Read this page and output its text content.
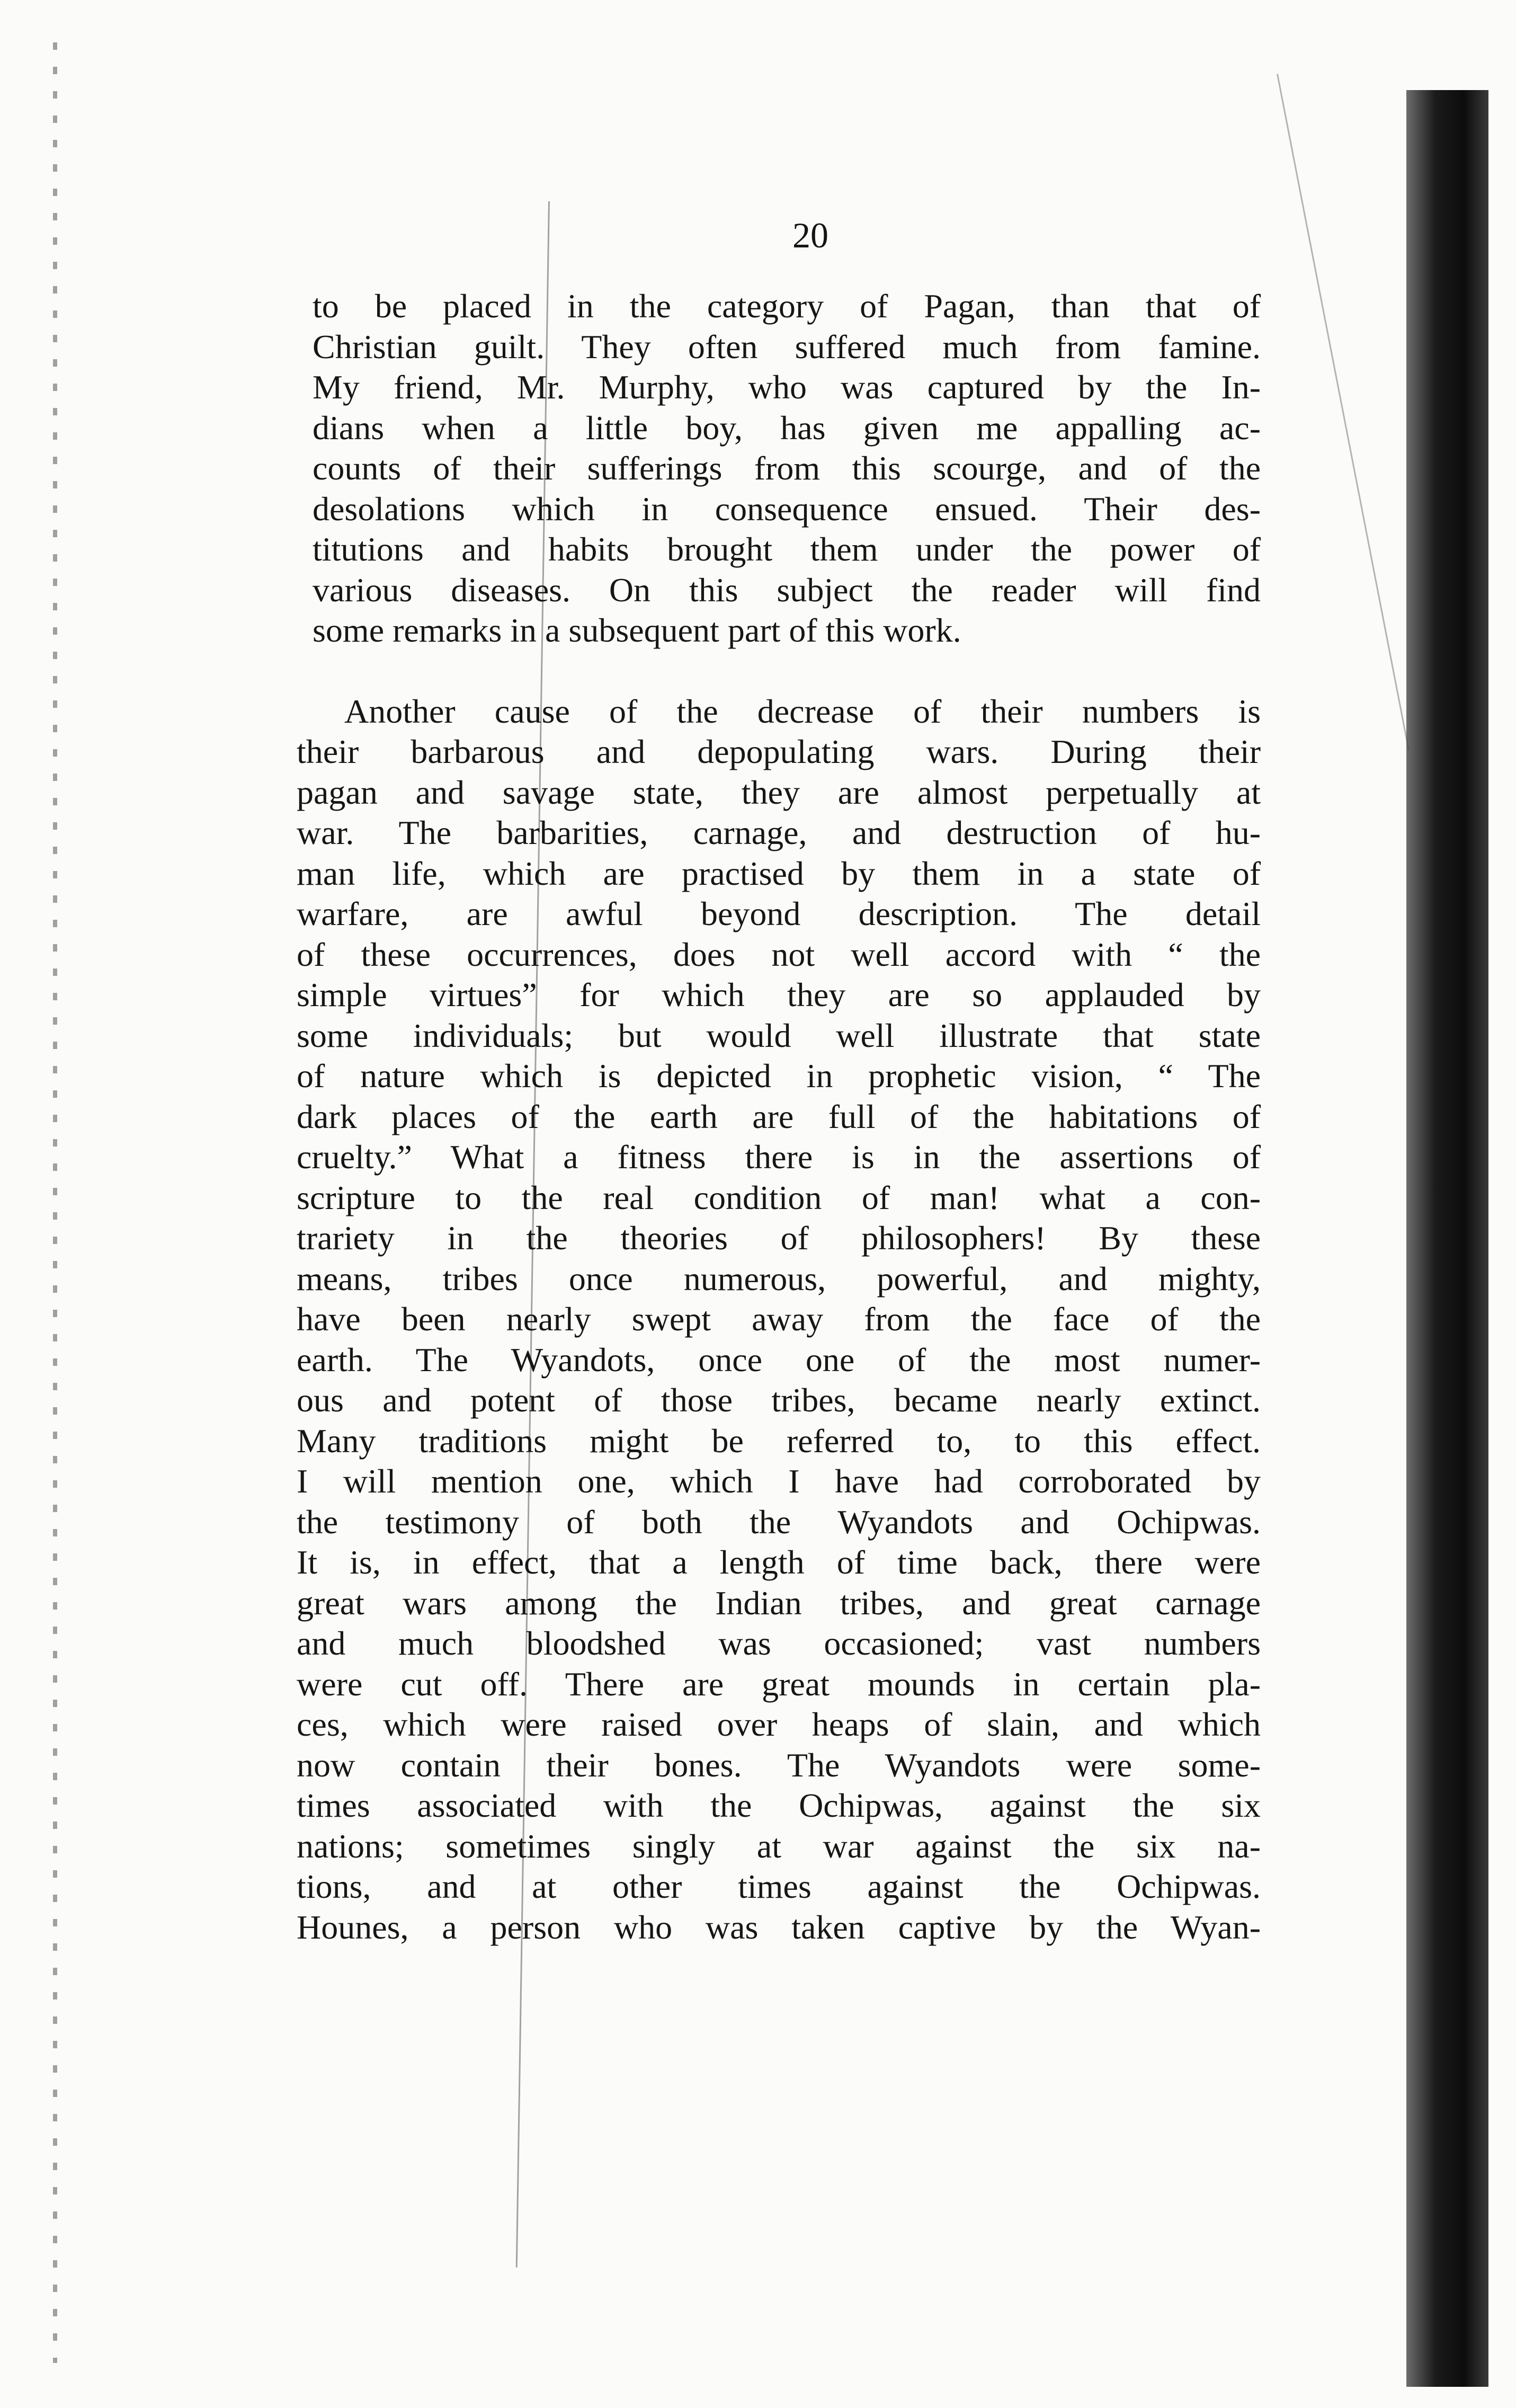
20
to be placed in the category of Pagan, than that of
Christian guilt. They often suffered much from famine.
My friend, Mr. Murphy, who was captured by the In-
dians when a little boy, has given me appalling ac-
counts of their sufferings from this scourge, and of the
desolations which in consequence ensued. Their des-
titutions and habits brought them under the power of
various diseases. On this subject the reader will find
some remarks in a subsequent part of this work.
Another cause of the decrease of their numbers is
their barbarous and depopulating wars. During their
pagan and savage state, they are almost perpetually at
war. The barbarities, carnage, and destruction of hu-
man life, which are practised by them in a state of
warfare, are awful beyond description. The detail
of these occurrences, does not well accord with “ the
simple virtues” for which they are so applauded by
some individuals; but would well illustrate that state
of nature which is depicted in prophetic vision, “ The
dark places of the earth are full of the habitations of
cruelty.” What a fitness there is in the assertions of
scripture to the real condition of man! what a con-
trariety in the theories of philosophers! By these
means, tribes once numerous, powerful, and mighty,
have been nearly swept away from the face of the
earth. The Wyandots, once one of the most numer-
ous and potent of those tribes, became nearly extinct.
Many traditions might be referred to, to this effect.
I will mention one, which I have had corroborated by
the testimony of both the Wyandots and Ochipwas.
It is, in effect, that a length of time back, there were
great wars among the Indian tribes, and great carnage
and much bloodshed was occasioned; vast numbers
were cut off. There are great mounds in certain pla-
ces, which were raised over heaps of slain, and which
now contain their bones. The Wyandots were some-
times associated with the Ochipwas, against the six
nations; sometimes singly at war against the six na-
tions, and at other times against the Ochipwas.
Hounes, a person who was taken captive by the Wyan-
